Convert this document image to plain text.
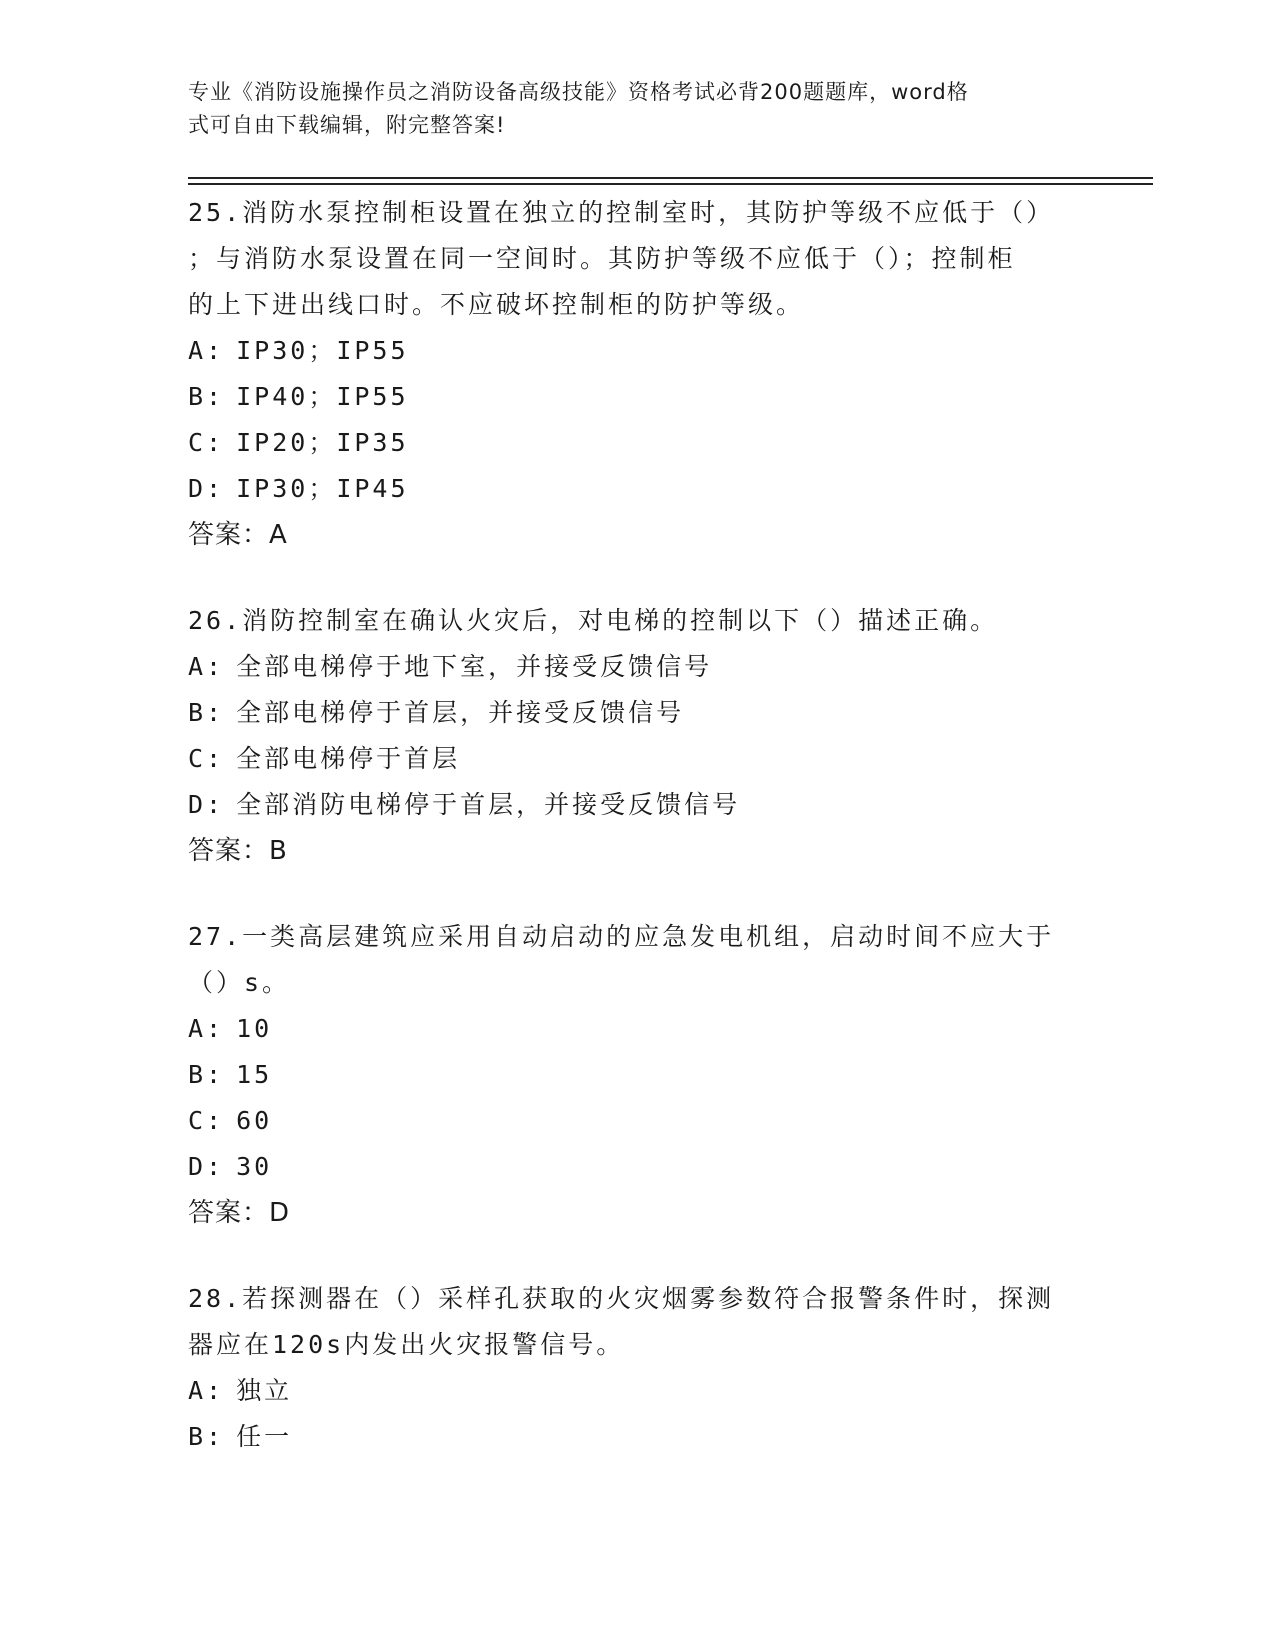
专业《消防设施操作员之消防设备高级技能》资格考试必背200题题库，word格
式可自由下载编辑，附完整答案!

25.消防水泵控制柜设置在独立的控制室时，其防护等级不应低于（）

；与消防水泵设置在同一空间时。其防护等级不应低于（）；控制柜

的上下进出线口时。不应破坏控制柜的防护等级。

A: IP30；IP55

B: IP40；IP55

C: IP20；IP35

D: IP30；IP45

答案：A

26.消防控制室在确认火灾后，对电梯的控制以下（）描述正确。

A: 全部电梯停于地下室，并接受反馈信号

B: 全部电梯停于首层，并接受反馈信号

C: 全部电梯停于首层

D: 全部消防电梯停于首层，并接受反馈信号

答案：B

27.一类高层建筑应采用自动启动的应急发电机组，启动时间不应大于

（）s。

A: 10

B: 15

C: 60

D: 30

答案：D

28.若探测器在（）采样孔获取的火灾烟雾参数符合报警条件时，探测

器应在120s内发出火灾报警信号。

A: 独立

B: 任一
